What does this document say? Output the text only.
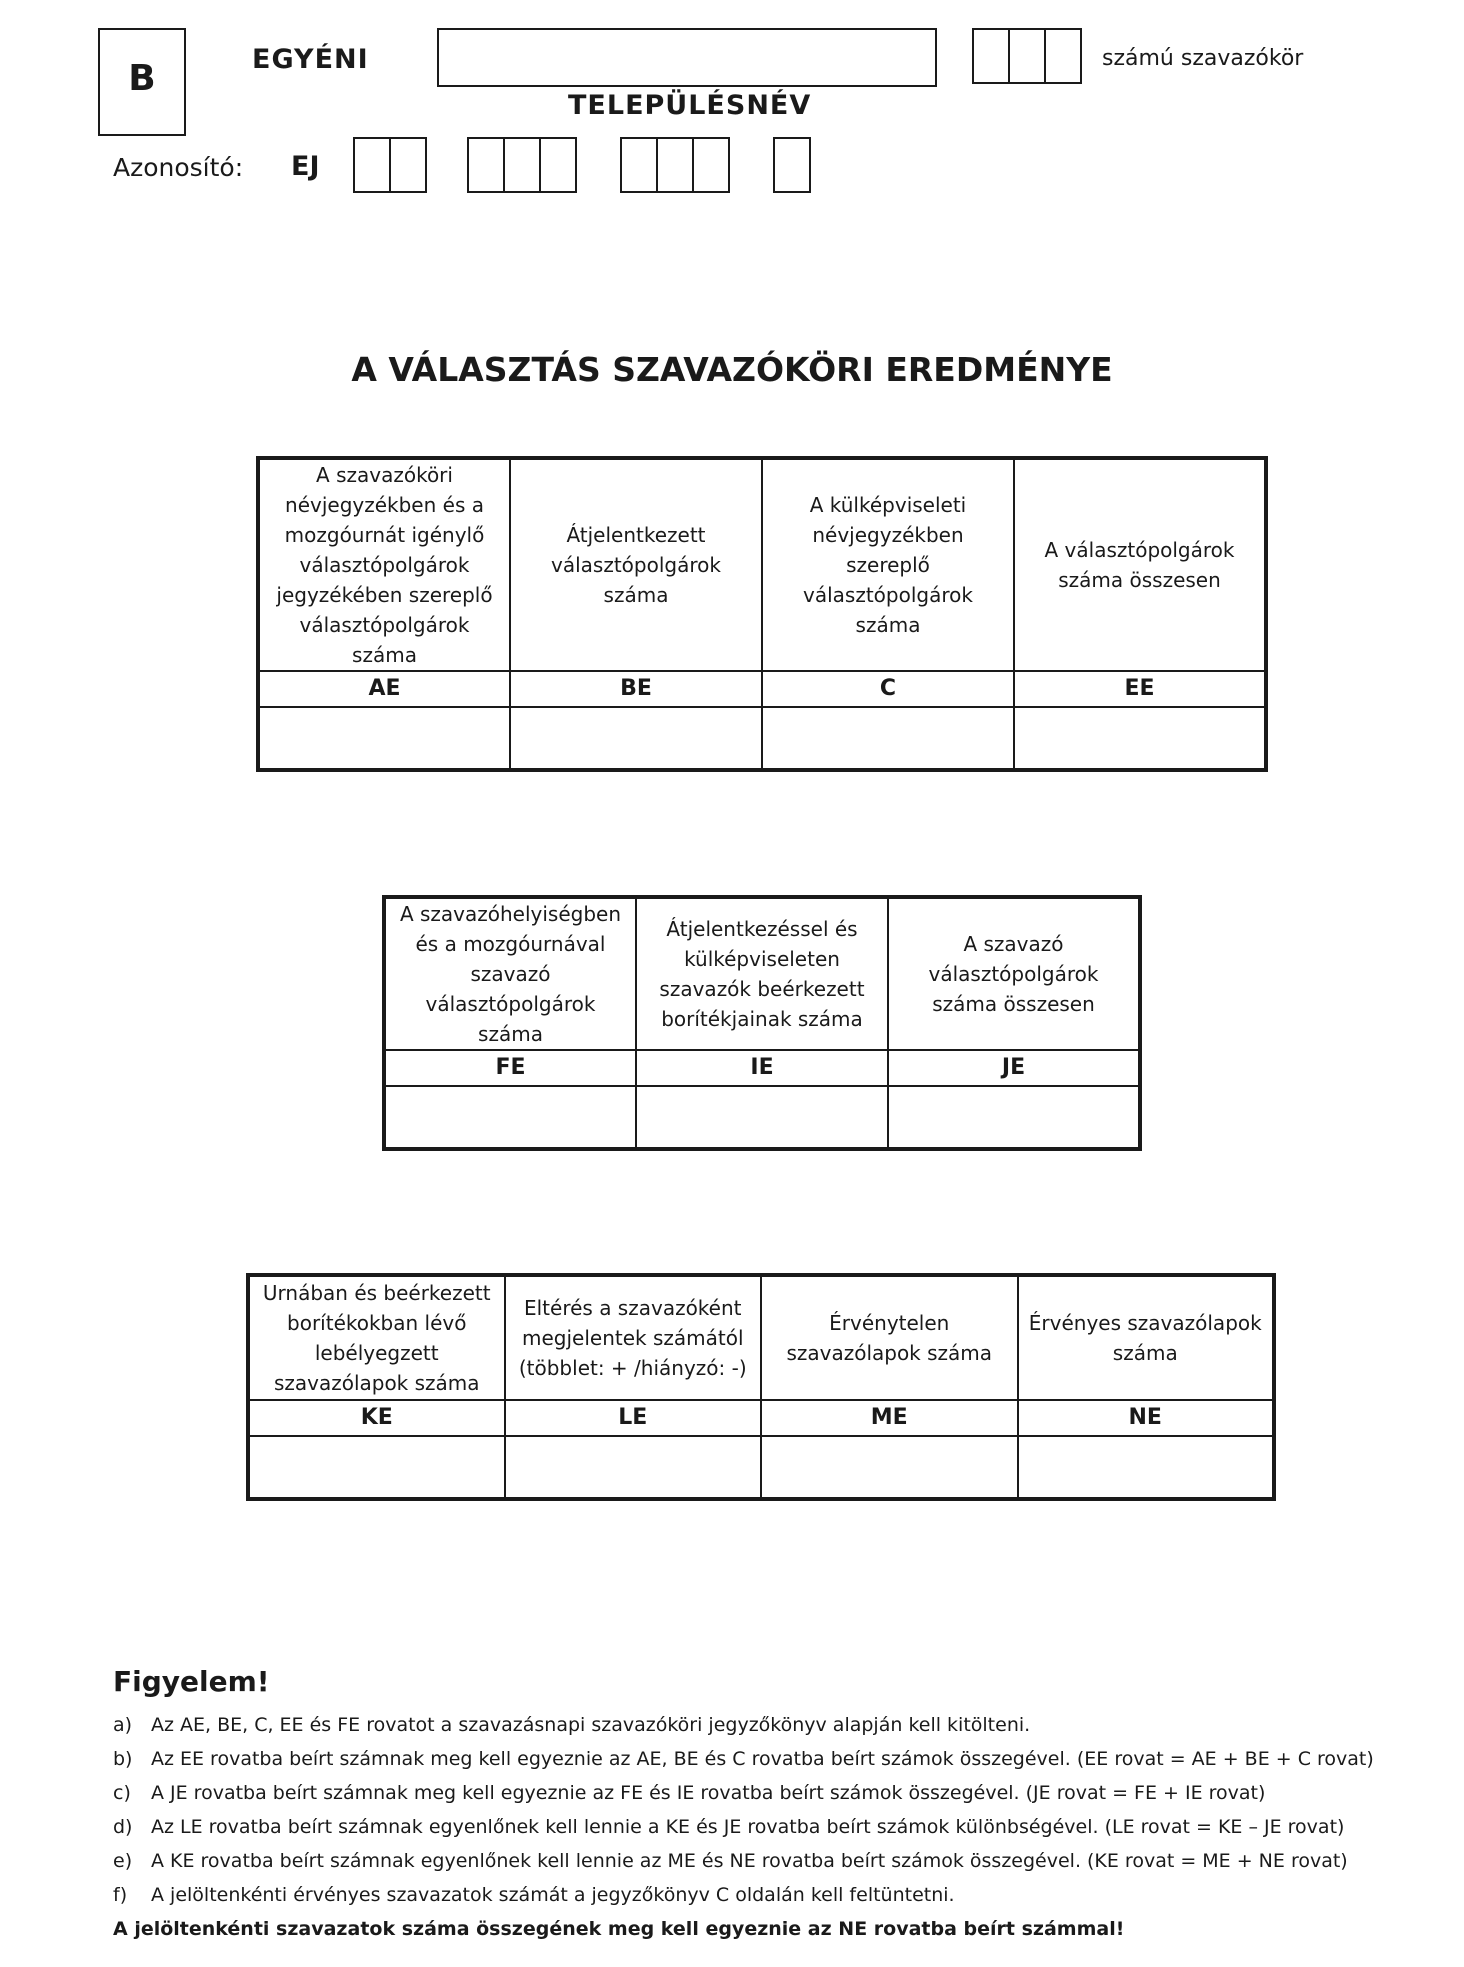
B	EGYÉNI
TELEPÜLÉSNÉV
számú szavazókör
Azonosító: EJ
A VÁLASZTÁS SZAVAZÓKÖRI EREDMÉNYE
A szavazóköri névjegyzékben és a mozgóurnát igénylő választópolgárok jegyzékében szereplő választópolgárok száma	Átjelentkezett választópolgárok száma	A külképviseleti névjegyzékben szereplő választópolgárok száma	A választópolgárok száma összesen
AE	BE	C	EE

A szavazóhelyiségben és a mozgóurnával szavazó választópolgárok száma	Átjelentkezéssel és külképviseleten szavazók beérkezett borítékjainak száma	A szavazó választópolgárok száma összesen
FE	IE	JE

Urnában és beérkezett borítékokban lévő lebélyegzett szavazólapok száma	Eltérés a szavazóként megjelentek számától (többlet: + /hiányzó: -)	Érvénytelen szavazólapok száma	Érvényes szavazólapok száma
KE	LE	ME	NE

Figyelem!
a) Az AE, BE, C, EE és FE rovatot a szavazásnapi szavazóköri jegyzőkönyv alapján kell kitölteni.
b) Az EE rovatba beírt számnak meg kell egyeznie az AE, BE és C rovatba beírt számok összegével. (EE rovat = AE + BE + C rovat)
c)	A JE rovatba beírt számnak meg kell egyeznie az FE és IE rovatba beírt számok összegével. (JE rovat = FE + IE rovat)
d) Az LE rovatba beírt számnak egyenlőnek kell lennie a KE és JE rovatba beírt számok különbségével. (LE rovat = KE – JE rovat)
e) A KE rovatba beírt számnak egyenlőnek kell lennie az ME és NE rovatba beírt számok összegével. (KE rovat = ME + NE rovat)
f)	A jelöltenkénti érvényes szavazatok számát a jegyzőkönyv C oldalán kell feltüntetni.
A jelöltenkénti szavazatok száma összegének meg kell egyeznie az NE rovatba beírt számmal!
